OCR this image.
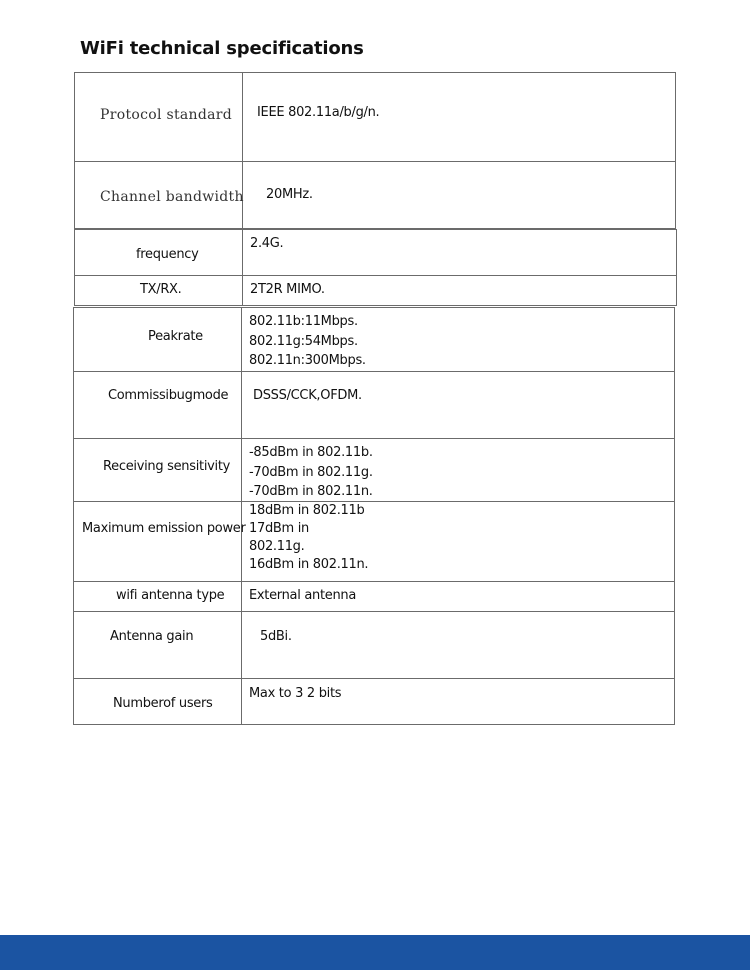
WiFi technical specifications
Protocol standard IEEE 802.11a/b/g/n.
Channel bandwidth 20MHz.
frequency
2.4G.
TX/RX.	2T2R MIMO.
Peakrate
802.11b:11Mbps.
802.11g:54Mbps.
802.11n:300Mbps.
Commissibugmode DSSS/CCK,OFDM.
Receiving sensitivity
-85dBm in 802.11b.
-70dBm in 802.11g.
-70dBm in 802.11n.
Maximum emission power
18dBm in 802.11b
17dBm in
802.11g.
16dBm in 802.11n.
wifi antenna type External antenna
Antenna gain	5dBi.
Numberof users
Max to 3 2 bits
